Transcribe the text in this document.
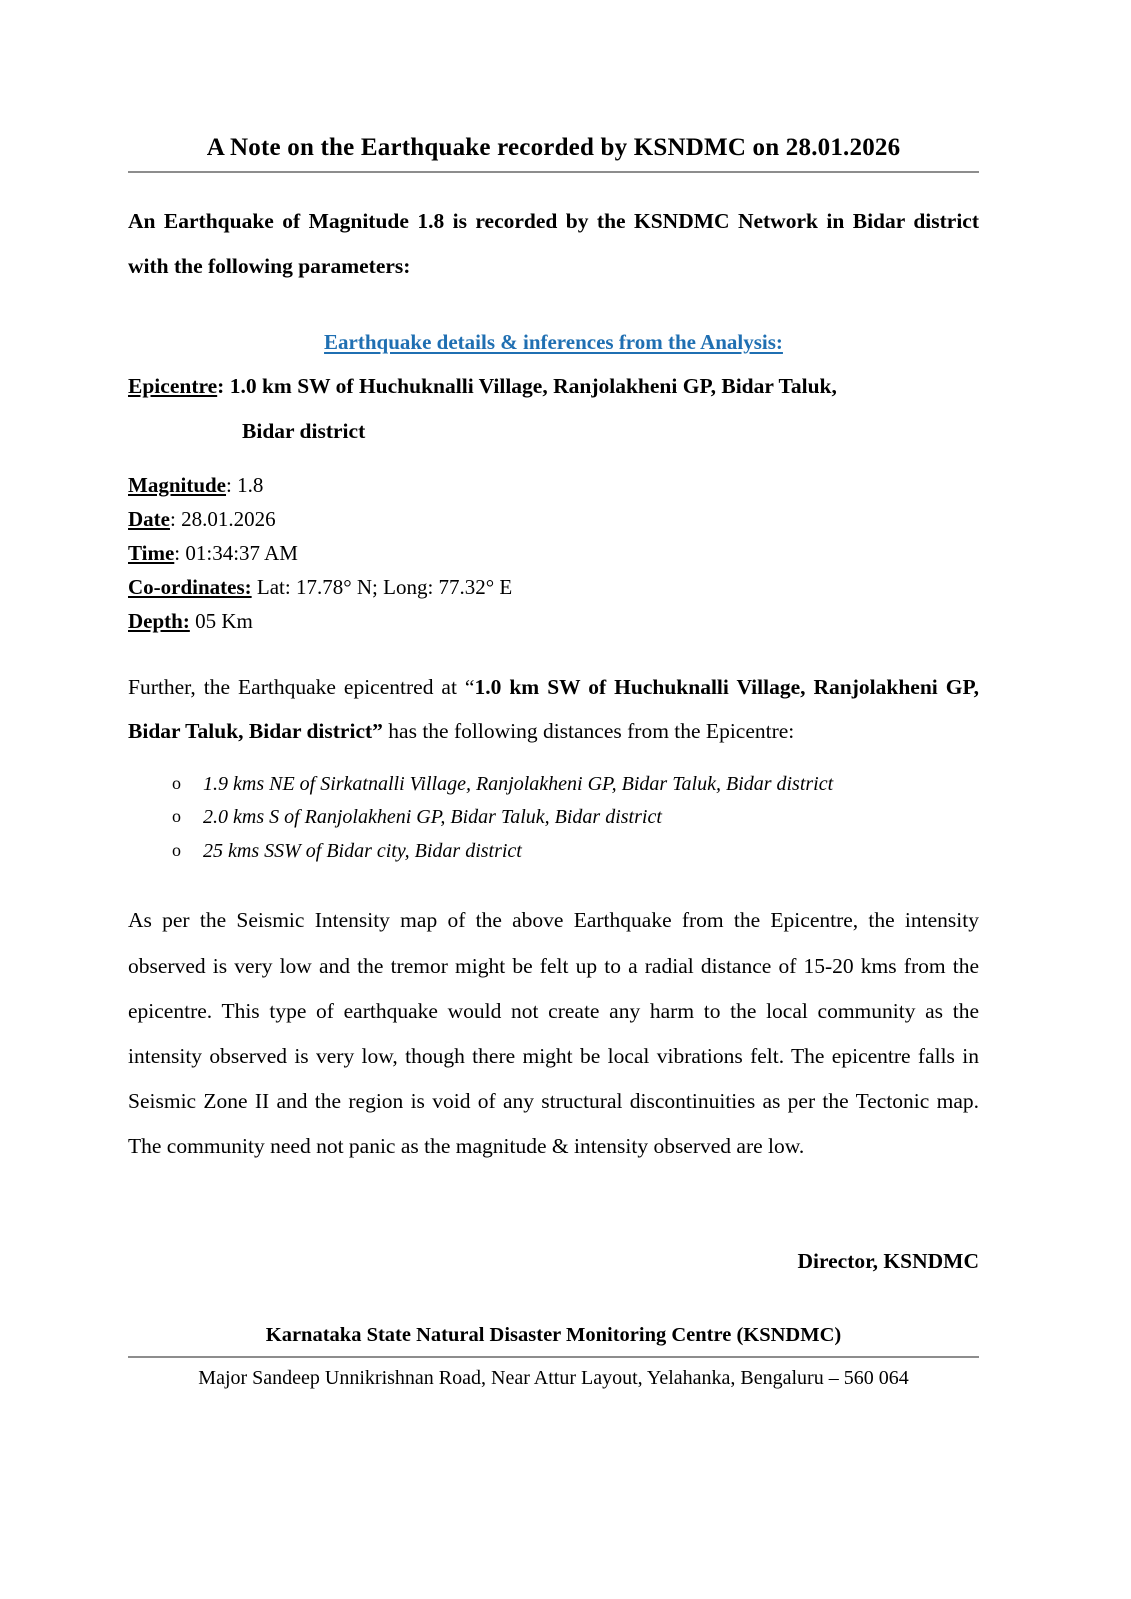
A Note on the Earthquake recorded by KSNDMC on 28.01.2026

An Earthquake of Magnitude 1.8 is recorded by the KSNDMC Network in Bidar district with the following parameters:

Earthquake details & inferences from the Analysis:

Epicentre: 1.0 km SW of Huchuknalli Village, Ranjolakheni GP, Bidar Taluk,

Bidar district

Magnitude: 1.8
Date: 28.01.2026
Time: 01:34:37 AM
Co-ordinates: Lat: 17.78° N; Long: 77.32° E
Depth: 05 Km

Further, the Earthquake epicentred at “1.0 km SW of Huchuknalli Village, Ranjolakheni GP, Bidar Taluk, Bidar district” has the following distances from the Epicentre:

o 1.9 kms NE of Sirkatnalli Village, Ranjolakheni GP, Bidar Taluk, Bidar district
o 2.0 kms S of Ranjolakheni GP, Bidar Taluk, Bidar district
o 25 kms SSW of Bidar city, Bidar district

As per the Seismic Intensity map of the above Earthquake from the Epicentre, the intensity observed is very low and the tremor might be felt up to a radial distance of 15-20 kms from the epicentre. This type of earthquake would not create any harm to the local community as the intensity observed is very low, though there might be local vibrations felt. The epicentre falls in Seismic Zone II and the region is void of any structural discontinuities as per the Tectonic map. The community need not panic as the magnitude & intensity observed are low.

Director, KSNDMC

Karnataka State Natural Disaster Monitoring Centre (KSNDMC)
Major Sandeep Unnikrishnan Road, Near Attur Layout, Yelahanka, Bengaluru – 560 064
